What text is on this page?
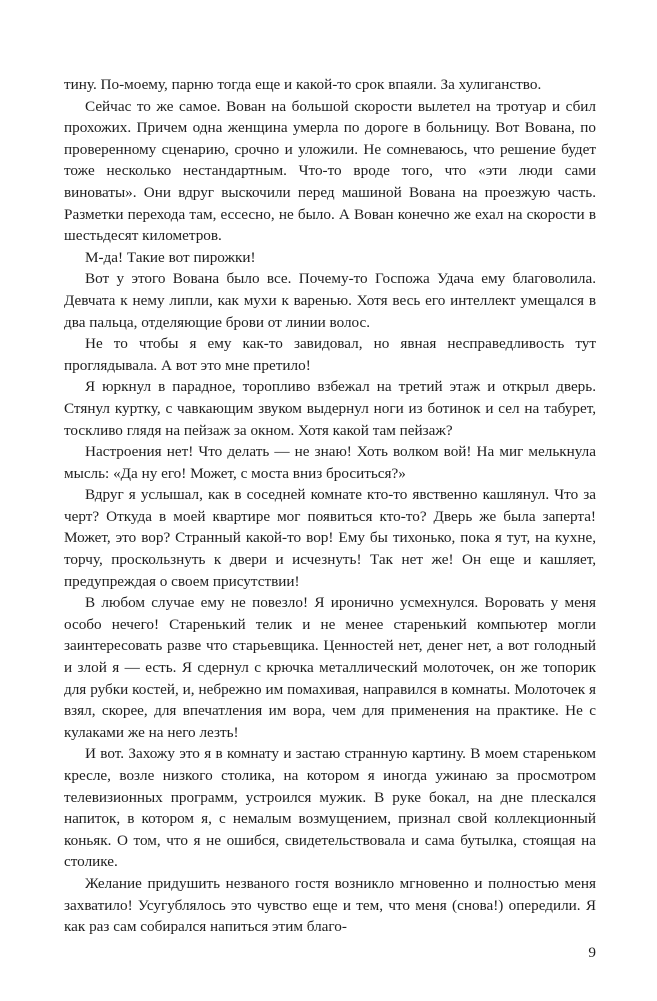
тину. По-моему, парню тогда еще и какой-то срок впаяли. За хулиганство.

Сейчас то же самое. Вован на большой скорости вылетел на тротуар и сбил прохожих. Причем одна женщина умерла по дороге в больницу. Вот Вована, по проверенному сценарию, срочно и уложили. Не сомневаюсь, что решение будет тоже несколько нестандартным. Что-то вроде того, что «эти люди сами виноваты». Они вдруг выскочили перед машиной Вована на проезжую часть. Разметки перехода там, ессесно, не было. А Вован конечно же ехал на скорости в шестьдесят километров.

М-да! Такие вот пирожки!

Вот у этого Вована было все. Почему-то Госпожа Удача ему благоволила. Девчата к нему липли, как мухи к варенью. Хотя весь его интеллект умещался в два пальца, отделяющие брови от линии волос.

Не то чтобы я ему как-то завидовал, но явная несправедливость тут проглядывала. А вот это мне претило!

Я юркнул в парадное, торопливо взбежал на третий этаж и открыл дверь. Стянул куртку, с чавкающим звуком выдернул ноги из ботинок и сел на табурет, тоскливо глядя на пейзаж за окном. Хотя какой там пейзаж?

Настроения нет! Что делать — не знаю! Хоть волком вой! На миг мелькнула мысль: «Да ну его! Может, с моста вниз броситься?»

Вдруг я услышал, как в соседней комнате кто-то явственно кашлянул. Что за черт? Откуда в моей квартире мог появиться кто-то? Дверь же была заперта! Может, это вор? Странный какой-то вор! Ему бы тихонько, пока я тут, на кухне, торчу, проскользнуть к двери и исчезнуть! Так нет же! Он еще и кашляет, предупреждая о своем присутствии!

В любом случае ему не повезло! Я иронично усмехнулся. Воровать у меня особо нечего! Старенький телик и не менее старенький компьютер могли заинтересовать разве что старьевщика. Ценностей нет, денег нет, а вот голодный и злой я — есть. Я сдернул с крючка металлический молоточек, он же топорик для рубки костей, и, небрежно им помахивая, направился в комнаты. Молоточек я взял, скорее, для впечатления им вора, чем для применения на практике. Не с кулаками же на него лезть!

И вот. Захожу это я в комнату и застаю странную картину. В моем стареньком кресле, возле низкого столика, на котором я иногда ужинаю за просмотром телевизионных программ, устроился мужик. В руке бокал, на дне плескался напиток, в котором я, с немалым возмущением, признал свой коллекционный коньяк. О том, что я не ошибся, свидетельствовала и сама бутылка, стоящая на столике.

Желание придушить незваного гостя возникло мгновенно и полностью меня захватило! Усугублялось это чувство еще и тем, что меня (снова!) опередили. Я как раз сам собирался напиться этим благо-

9
